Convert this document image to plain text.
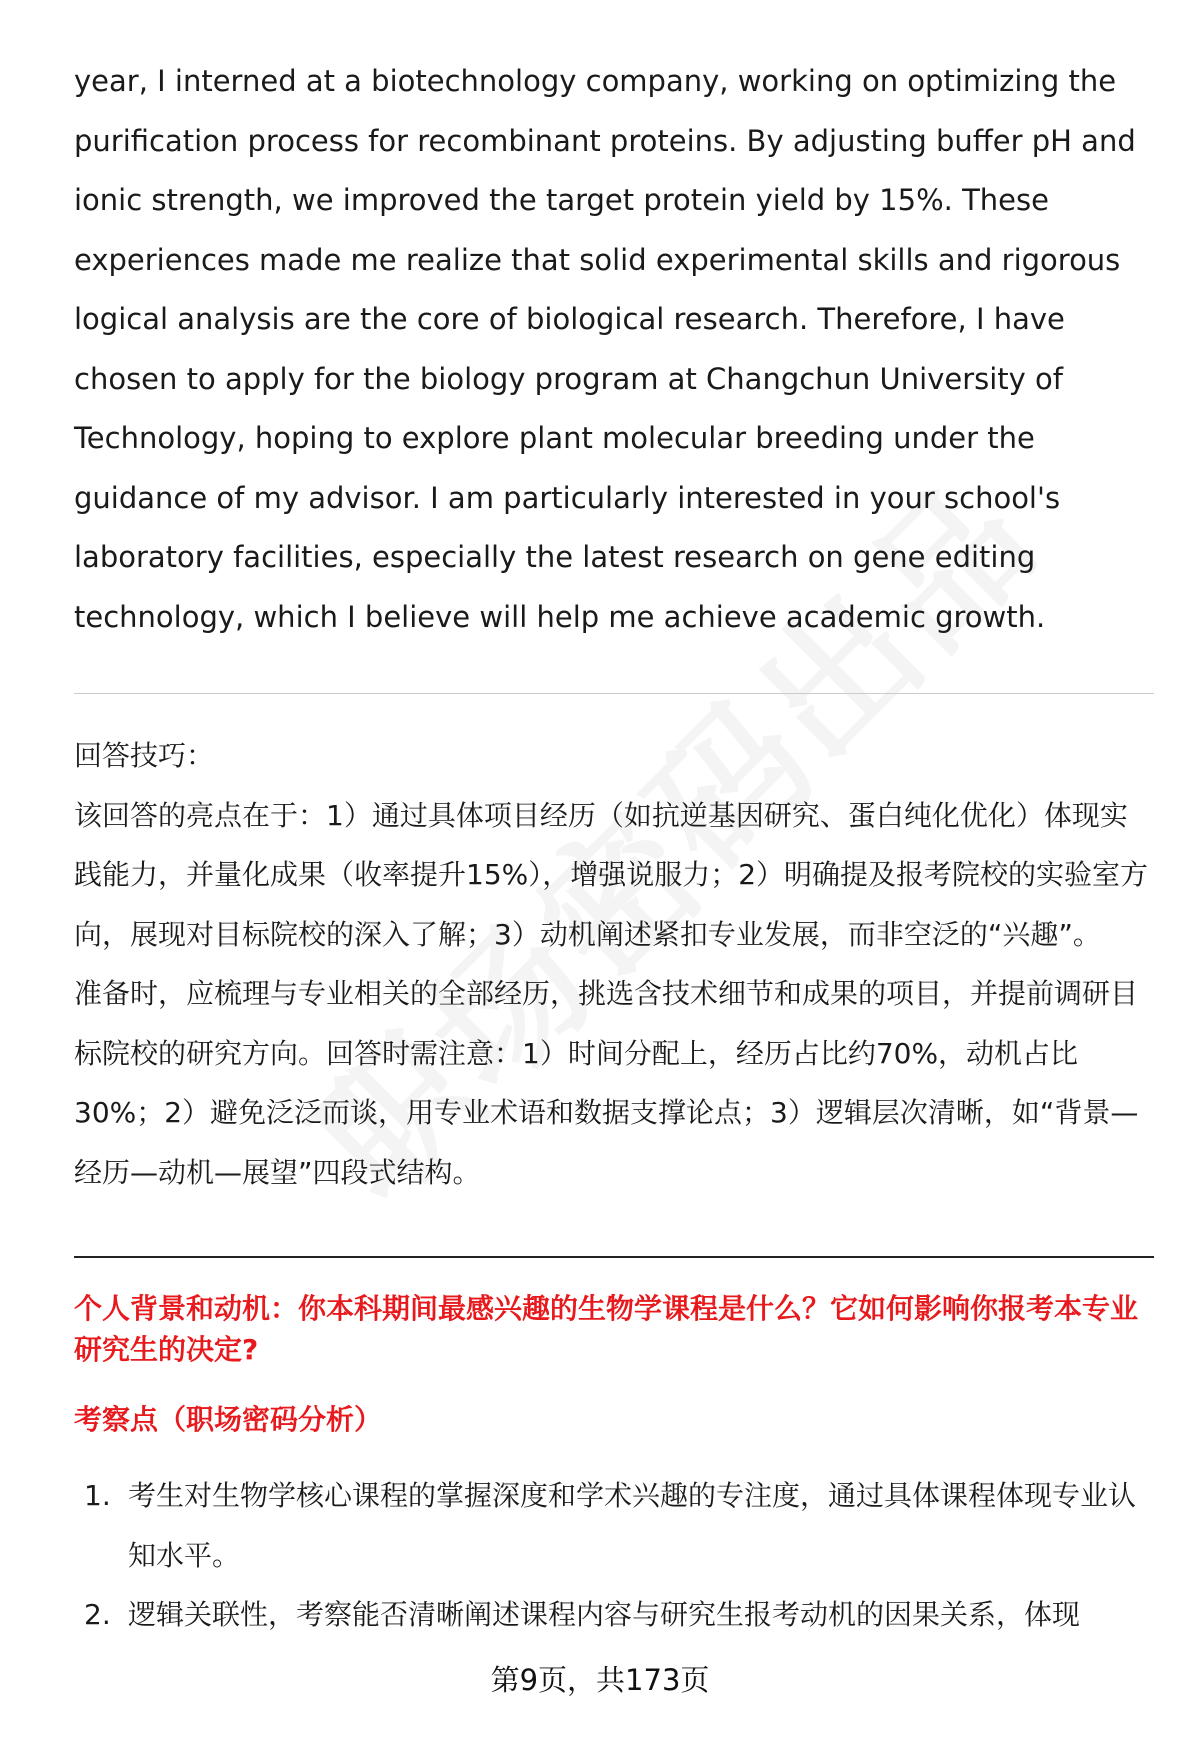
year, I interned at a biotechnology company, working on optimizing the purification process for recombinant proteins. By adjusting buffer pH and ionic strength, we improved the target protein yield by 15%. These experiences made me realize that solid experimental skills and rigorous logical analysis are the core of biological research. Therefore, I have chosen to apply for the biology program at Changchun University of Technology, hoping to explore plant molecular breeding under the guidance of my advisor. I am particularly interested in your school's laboratory facilities, especially the latest research on gene editing technology, which I believe will help me achieve academic growth.

回答技巧：

该回答的亮点在于：1）通过具体项目经历（如抗逆基因研究、蛋白纯化优化）体现实践能力，并量化成果（收率提升15%），增强说服力；2）明确提及报考院校的实验室方向，展现对目标院校的深入了解；3）动机阐述紧扣专业发展，而非空泛的“兴趣”。

准备时，应梳理与专业相关的全部经历，挑选含技术细节和成果的项目，并提前调研目标院校的研究方向。回答时需注意：1）时间分配上，经历占比约70%，动机占比30%；2）避免泛泛而谈，用专业术语和数据支撑论点；3）逻辑层次清晰，如“背景—经历—动机—展望”四段式结构。

个人背景和动机：你本科期间最感兴趣的生物学课程是什么？它如何影响你报考本专业研究生的决定?

考察点（职场密码分析）

1. 考生对生物学核心课程的掌握深度和学术兴趣的专注度，通过具体课程体现专业认知水平。
2. 逻辑关联性，考察能否清晰阐述课程内容与研究生报考动机的因果关系，体现
第9页，共173页
